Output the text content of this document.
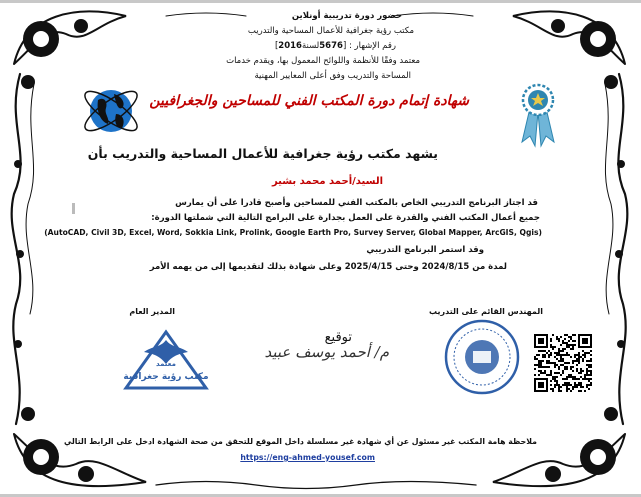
حضور دورة تدريبية أونلاين
مكتب رؤية جغرافية للأعمال المساحية والتدريب
رقم الإشهار : [5676لسنة2016]
معتمد وفقًا للأنظمة واللوائح المعمول بها، ويقدم خدمات
المساحة والتدريب وفق أعلى المعايير المهنية
شهادة إتمام دورة المكتب الفني للمساحين والجغرافيين
يشهد مكتب رؤية جغرافية للأعمال المساحية والتدريب بأن
السيد/أحمد محمد بشير
قد اجتاز البرنامج التدريبي الخاص بالمكتب الفني للمساحين وأصبح قادرا على أن يمارس
جميع أعمال المكتب الفني والقدرة على العمل بجدارة على البرامج التالية التي شملتها الدورة:
(AutoCAD, Civil 3D, Excel, Word, Sokkia Link, Prolink, Google Earth Pro, Survey Server, Global Mapper, ArcGIS, Qgis)
وقد استمر البرنامج التدريبي
لمدة من 2024/8/15 وحتى 2025/4/15 وعلى شهادة بذلك لتقديمها إلى من يهمه الأمر
المدير العام	المهندس القائم على التدريب
معتمد
مكتب رؤية جغرافية
توقيع
م/ أحمد يوسف عبيد
ملاحظة هامة المكتب غير مسئول عن أي شهادة غير مسلسلة داخل الموقع للتحقق من صحة الشهادة ادخل على الرابط التالي
https://eng-ahmed-yousef.com
